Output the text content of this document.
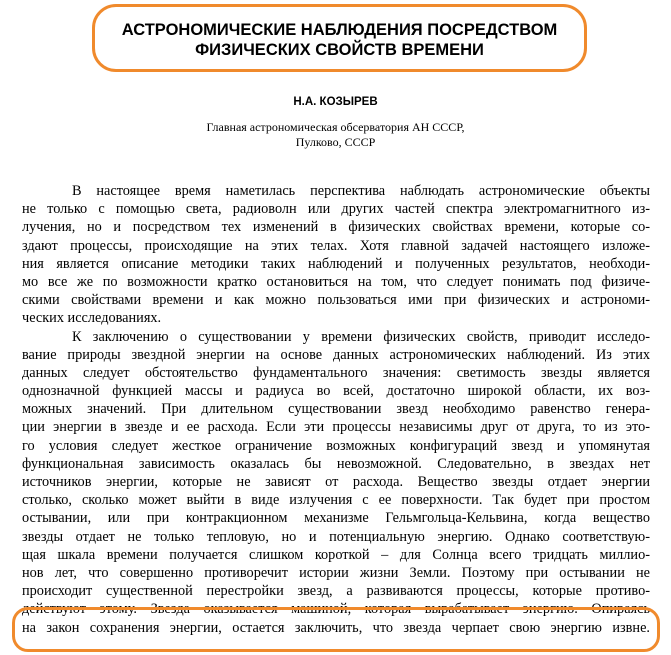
АСТРОНОМИЧЕСКИЕ НАБЛЮДЕНИЯ ПОСРЕДСТВОМ
ФИЗИЧЕСКИХ СВОЙСТВ ВРЕМЕНИ
Н.А. КОЗЫРЕВ
Главная астрономическая обсерватория АН СССР,
Пулково, СССР
В настоящее время наметилась перспектива наблюдать астрономические объекты
не только с помощью света, радиоволн или других частей спектра электромагнитного из-
лучения, но и посредством тех изменений в физических свойствах времени, которые со-
здают процессы, происходящие на этих телах. Хотя главной задачей настоящего изложе-
ния является описание методики таких наблюдений и полученных результатов, необходи-
мо все же по возможности кратко остановиться на том, что следует понимать под физиче-
скими свойствами времени и как можно пользоваться ими при физических и астрономи-
ческих исследованиях.
К заключению о существовании у времени физических свойств, приводит исследо-
вание природы звездной энергии на основе данных астрономических наблюдений. Из этих
данных следует обстоятельство фундаментального значения: светимость звезды является
однозначной функцией массы и радиуса во всей, достаточно широкой области, их воз-
можных значений. При длительном существовании звезд необходимо равенство генера-
ции энергии в звезде и ее расхода. Если эти процессы независимы друг от друга, то из это-
го условия следует жесткое ограничение возможных конфигураций звезд и упомянутая
функциональная зависимость оказалась бы невозможной. Следовательно, в звездах нет
источников энергии, которые не зависят от расхода. Вещество звезды отдает энергии
столько, сколько может выйти в виде излучения с ее поверхности. Так будет при простом
остывании, или при контракционном механизме Гельмгольца-Кельвина, когда вещество
звезды отдает не только тепловую, но и потенциальную энергию. Однако соответствую-
щая шкала времени получается слишком короткой – для Солнца всего тридцать миллио-
нов лет, что совершенно противоречит истории жизни Земли. Поэтому при остывании не
происходит существенной перестройки звезд, а развиваются процессы, которые противо-
действуют этому. Звезда оказывается машиной, которая вырабатывает энергию. Опираясь
на закон сохранения энергии, остается заключить, что звезда черпает свою энергию извне.
